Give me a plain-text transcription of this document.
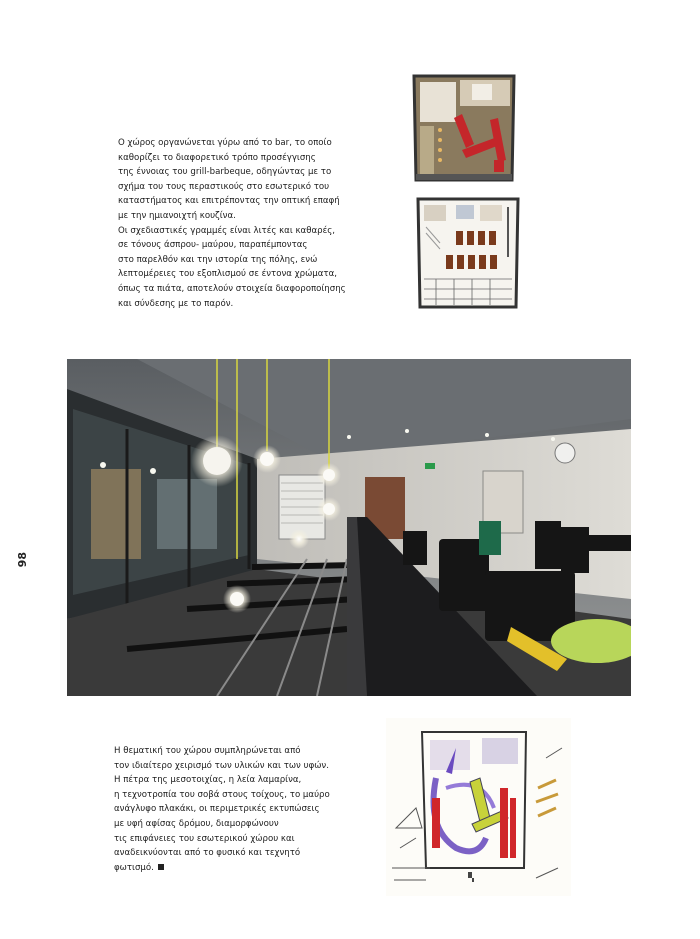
98
Ο χώρος οργανώνεται γύρω από το bar, το οποίο
καθορίζει το διαφορετικό τρόπο προσέγγισης
της έννοιας του grill-barbeque, οδηγώντας με το
σχήμα του τους περαστικούς στο εσωτερικό του
καταστήματος και επιτρέποντας την οπτική επαφή
με την ημιανοιχτή κουζίνα.
Οι σχεδιαστικές γραμμές είναι λιτές και καθαρές,
σε τόνους άσπρου- μαύρου, παραπέμποντας
στο παρελθόν και την ιστορία της πόλης, ενώ
λεπτομέρειες του εξοπλισμού σε έντονα χρώματα,
όπως τα πιάτα, αποτελούν στοιχεία διαφοροποίησης
και σύνδεσης με το παρόν.
Η θεματική του χώρου συμπληρώνεται από
τον ιδιαίτερο χειρισμό των υλικών και των υφών.
Η πέτρα της μεσοτοιχίας, η λεία λαμαρίνα,
η τεχνοτροπία του σοβά στους τοίχους, το μαύρο
ανάγλυφο πλακάκι, οι περιμετρικές εκτυπώσεις
με υφή αφίσας δρόμου, διαμορφώνουν
τις επιφάνειες του εσωτερικού χώρου και
αναδεικνύονται από το φυσικό και τεχνητό
φωτισμό.
